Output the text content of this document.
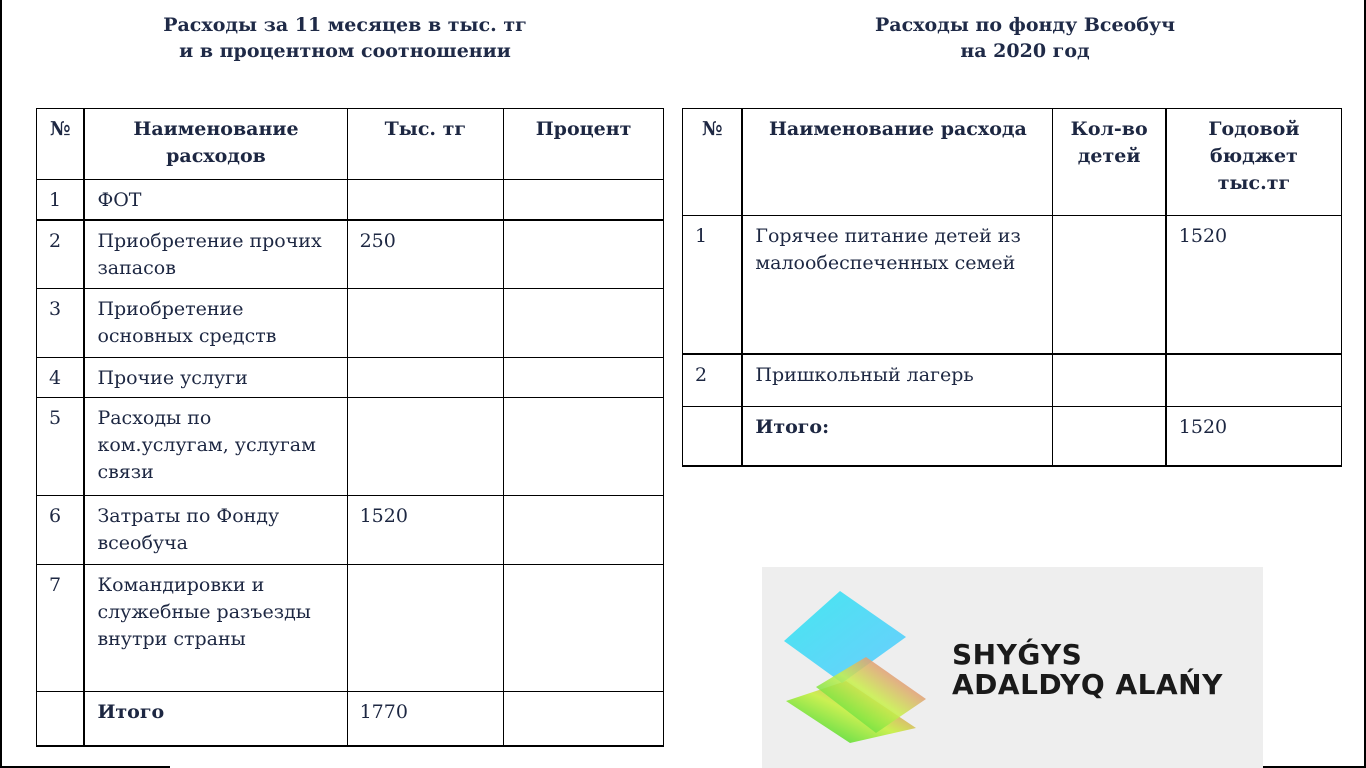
Расходы за 11 месяцев в тыс. тг
и в процентном соотношении
Расходы по фонду Всеобуч
на 2020 год
№	Наименование расходов	Тыс. тг	Процент
1	ФОТ		
2	Приобретение прочих запасов	250	
3	Приобретение основных средств		
4	Прочие услуги		
5	Расходы по ком.услугам, услугам связи		
6	Затраты по Фонду всеобуча	1520	
7	Командировки и служебные разъезды внутри страны		
	Итого	1770	
№	Наименование расхода	Кол-во детей	Годовой бюджет тыс.тг
1	Горячее питание детей из малообеспеченных семей		1520
2	Пришкольный лагерь		
	Итого:		1520
SHYǴYS
ADALDYQ ALAŃY
